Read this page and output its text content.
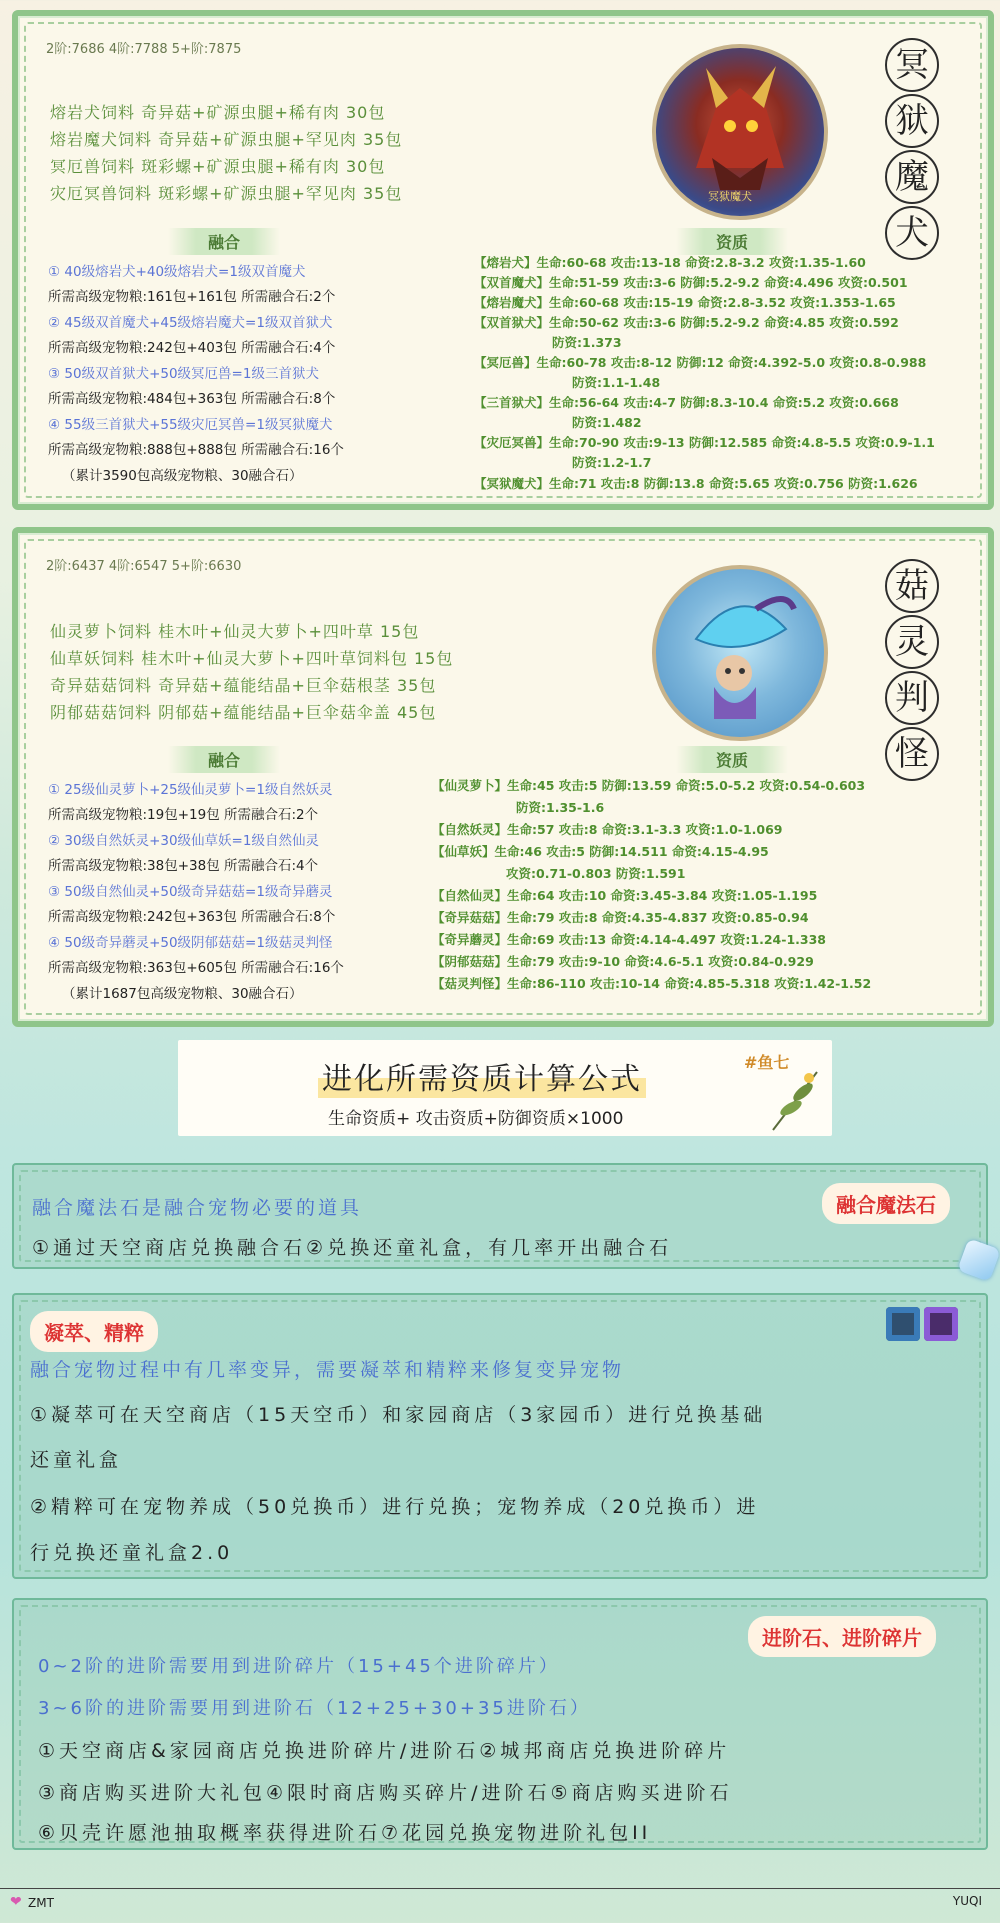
2阶:7686 4阶:7788 5+阶:7875
熔岩犬饲料 奇异菇+矿源虫腿+稀有肉 30包
熔岩魔犬饲料 奇异菇+矿源虫腿+罕见肉 35包
冥厄兽饲料 斑彩螺+矿源虫腿+稀有肉 30包
灾厄冥兽饲料 斑彩螺+矿源虫腿+罕见肉 35包	冥狱魔犬
冥
狱
魔
犬
融合	资质
① 40级熔岩犬+40级熔岩犬=1级双首魔犬
所需高级宠物粮:161包+161包 所需融合石:2个
② 45级双首魔犬+45级熔岩魔犬=1级双首狱犬
所需高级宠物粮:242包+403包 所需融合石:4个
③ 50级双首狱犬+50级冥厄兽=1级三首狱犬
所需高级宠物粮:484包+363包 所需融合石:8个
④ 55级三首狱犬+55级灾厄冥兽=1级冥狱魔犬
所需高级宠物粮:888包+888包 所需融合石:16个
（累计3590包高级宠物粮、30融合石）
【熔岩犬】生命:60-68 攻击:13-18 命资:2.8-3.2 攻资:1.35-1.60
【双首魔犬】生命:51-59 攻击:3-6 防御:5.2-9.2 命资:4.496 攻资:0.501
【熔岩魔犬】生命:60-68 攻击:15-19 命资:2.8-3.52 攻资:1.353-1.65
【双首狱犬】生命:50-62 攻击:3-6 防御:5.2-9.2 命资:4.85 攻资:0.592
防资:1.373
【冥厄兽】生命:60-78 攻击:8-12 防御:12 命资:4.392-5.0 攻资:0.8-0.988
防资:1.1-1.48
【三首狱犬】生命:56-64 攻击:4-7 防御:8.3-10.4 命资:5.2 攻资:0.668
防资:1.482
【灾厄冥兽】生命:70-90 攻击:9-13 防御:12.585 命资:4.8-5.5 攻资:0.9-1.1
防资:1.2-1.7
【冥狱魔犬】生命:71 攻击:8 防御:13.8 命资:5.65 攻资:0.756 防资:1.626
2阶:6437 4阶:6547 5+阶:6630
仙灵萝卜饲料 桂木叶+仙灵大萝卜+四叶草 15包
仙草妖饲料 桂木叶+仙灵大萝卜+四叶草饲料包 15包
奇异菇菇饲料 奇异菇+蕴能结晶+巨伞菇根茎 35包
阴郁菇菇饲料 阴郁菇+蕴能结晶+巨伞菇伞盖 45包
菇
灵
判
怪
融合	资质
① 25级仙灵萝卜+25级仙灵萝卜=1级自然妖灵
所需高级宠物粮:19包+19包 所需融合石:2个
② 30级自然妖灵+30级仙草妖=1级自然仙灵
所需高级宠物粮:38包+38包 所需融合石:4个
③ 50级自然仙灵+50级奇异菇菇=1级奇异蘑灵
所需高级宠物粮:242包+363包 所需融合石:8个
④ 50级奇异蘑灵+50级阴郁菇菇=1级菇灵判怪
所需高级宠物粮:363包+605包 所需融合石:16个
（累计1687包高级宠物粮、30融合石）
【仙灵萝卜】生命:45 攻击:5 防御:13.59 命资:5.0-5.2 攻资:0.54-0.603
防资:1.35-1.6
【自然妖灵】生命:57 攻击:8 命资:3.1-3.3 攻资:1.0-1.069
【仙草妖】生命:46 攻击:5 防御:14.511 命资:4.15-4.95
攻资:0.71-0.803 防资:1.591
【自然仙灵】生命:64 攻击:10 命资:3.45-3.84 攻资:1.05-1.195
【奇异菇菇】生命:79 攻击:8 命资:4.35-4.837 攻资:0.85-0.94
【奇异蘑灵】生命:69 攻击:13 命资:4.14-4.497 攻资:1.24-1.338
【阴郁菇菇】生命:79 攻击:9-10 命资:4.6-5.1 攻资:0.84-0.929
【菇灵判怪】生命:86-110 攻击:10-14 命资:4.85-5.318 攻资:1.42-1.52
进化所需资质计算公式
生命资质+ 攻击资质+防御资质×1000
#鱼七
融合魔法石
融合魔法石是融合宠物必要的道具
①通过天空商店兑换融合石②兑换还童礼盒，有几率开出融合石
凝萃、精粹
融合宠物过程中有几率变异，需要凝萃和精粹来修复变异宠物
①凝萃可在天空商店（15天空币）和家园商店（3家园币）进行兑换基础
还童礼盒
②精粹可在宠物养成（50兑换币）进行兑换；宠物养成（20兑换币）进
行兑换还童礼盒2.0
进阶石、进阶碎片
0~2阶的进阶需要用到进阶碎片（15+45个进阶碎片）
3~6阶的进阶需要用到进阶石（12+25+30+35进阶石）
①天空商店&家园商店兑换进阶碎片/进阶石②城邦商店兑换进阶碎片
③商店购买进阶大礼包④限时商店购买碎片/进阶石⑤商店购买进阶石
⑥贝壳许愿池抽取概率获得进阶石⑦花园兑换宠物进阶礼包II
❤ ZMT	YUQI
